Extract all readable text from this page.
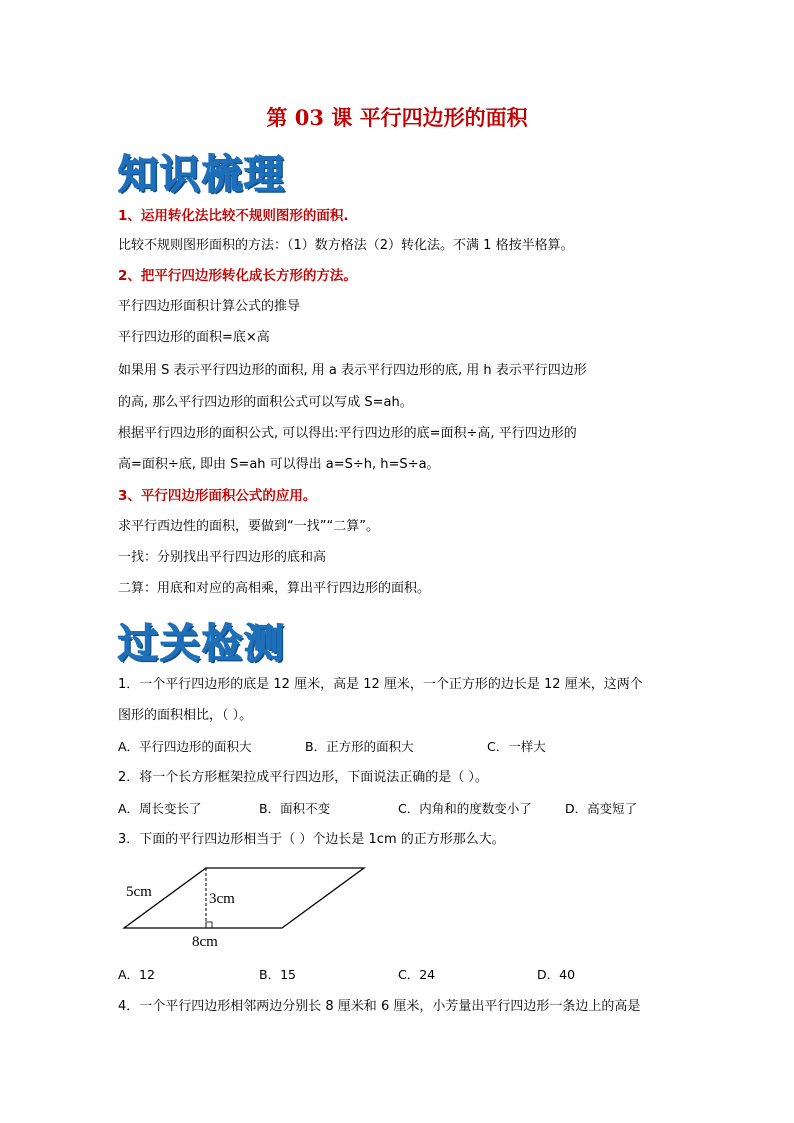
第 03 课 平行四边形的面积
知识梳理
1、运用转化法比较不规则图形的面积.
比较不规则图形面积的方法：（1）数方格法（2）转化法。不满 1 格按半格算。
2、把平行四边形转化成长方形的方法。
平行四边形面积计算公式的推导
平行四边形的面积=底×高
如果用 S 表示平行四边形的面积, 用 a 表示平行四边形的底, 用 h 表示平行四边形
的高, 那么平行四边形的面积公式可以写成 S=ah。
根据平行四边形的面积公式, 可以得出:平行四边形的底=面积÷高, 平行四边形的
高=面积÷底, 即由 S=ah 可以得出 a=S÷h, h=S÷a。
3、平行四边形面积公式的应用。
求平行西边性的面积，要做到“一找”“二算”。
一找：分别找出平行四边形的底和高
二算：用底和对应的高相乘，算出平行四边形的面积。
过关检测
1．一个平行四边形的底是 12 厘米，高是 12 厘米，一个正方形的边长是 12 厘米，这两个
图形的面积相比，（ ）。
A．平行四边形的面积大	B．正方形的面积大	C．一样大
2．将一个长方形框架拉成平行四边形，下面说法正确的是（ ）。
A．周长变长了	B．面积不变	C．内角和的度数变小了	D．高变短了
3．下面的平行四边形相当于（ ）个边长是 1cm 的正方形那么大。
5cm	3cm
8cm
A．12	B．15	C．24	D．40
4．一个平行四边形相邻两边分别长 8 厘米和 6 厘米，小芳量出平行四边形一条边上的高是
